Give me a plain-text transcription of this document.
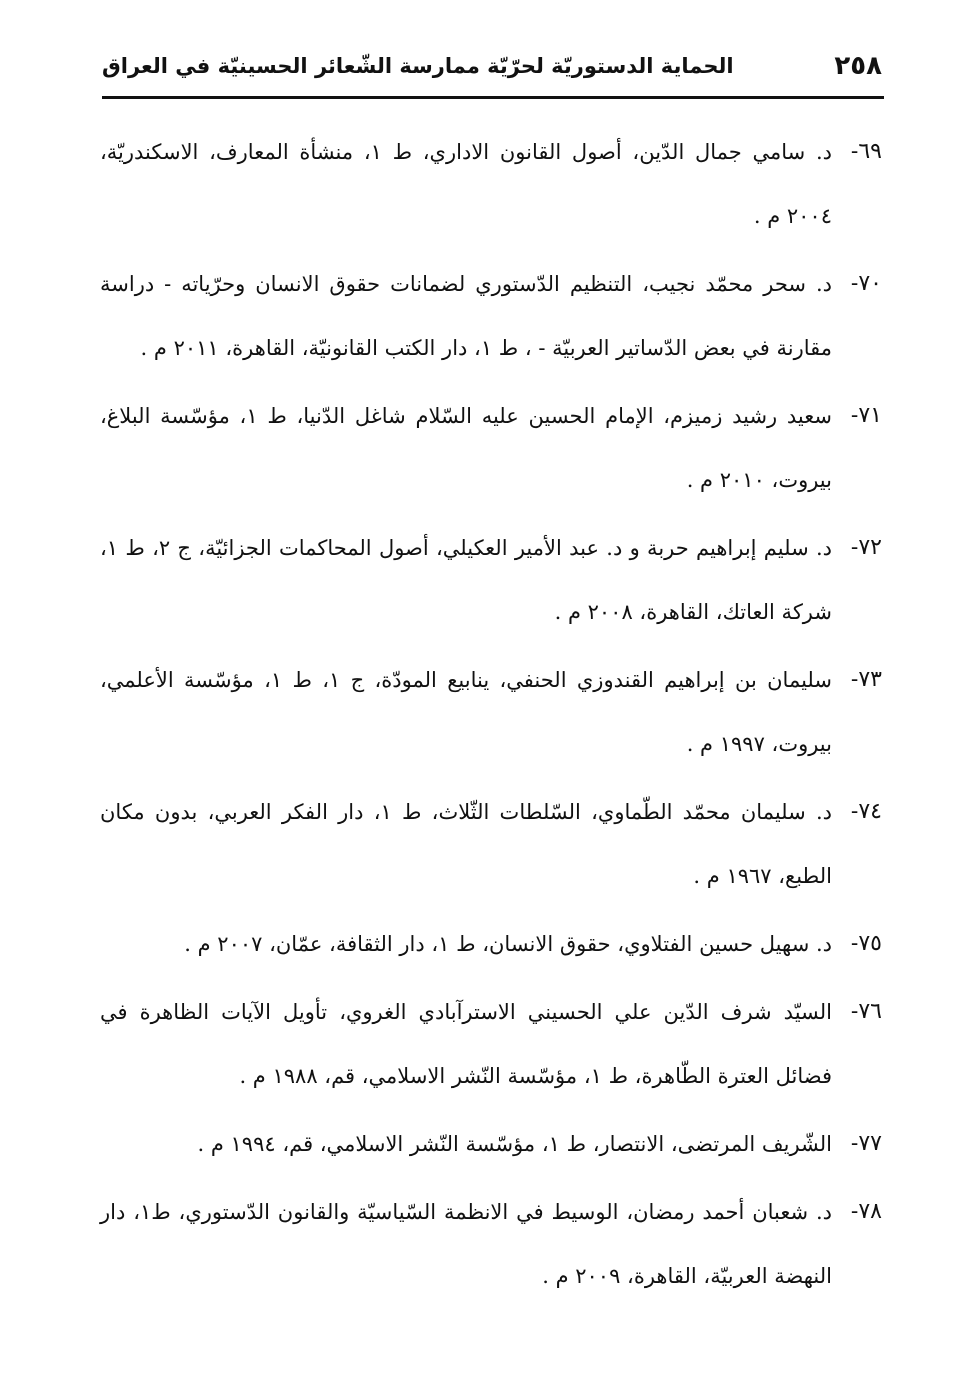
٢٥٨
الحماية الدستوريّة لحرّيّة ممارسة الشّعائر الحسينيّة في العراق
٦٩-
د. سامي جمال الدّين، أصول القانون الاداري، ط ١، منشأة المعارف، الاسكندريّة، ٢٠٠٤ م .
٧٠-
د. سحر محمّد نجيب، التنظيم الدّستوري لضمانات حقوق الانسان وحرّياته - دراسة مقارنة في بعض الدّساتير العربيّة - ، ط ١، دار الكتب القانونيّة، القاهرة، ٢٠١١ م .
٧١-
سعيد رشيد زميزم، الإمام الحسين عليه السّلام شاغل الدّنيا، ط ١، مؤسّسة البلاغ، بيروت، ٢٠١٠ م .
٧٢-
د. سليم إبراهيم حربة و د. عبد الأمير العكيلي، أصول المحاكمات الجزائيّة، ج ٢، ط ١، شركة العاتك، القاهرة، ٢٠٠٨ م .
٧٣-
سليمان بن إبراهيم القندوزي الحنفي، ينابيع المودّة، ج ١، ط ١، مؤسّسة الأعلمي، بيروت، ١٩٩٧ م .
٧٤-
د. سليمان محمّد الطّماوي، السّلطات الثّلاث، ط ١، دار الفكر العربي، بدون مكان الطبع، ١٩٦٧ م .
٧٥-
د. سهيل حسين الفتلاوي، حقوق الانسان، ط ١، دار الثقافة، عمّان، ٢٠٠٧ م .
٧٦-
السيّد شرف الدّين علي الحسيني الاسترآبادي الغروي، تأويل الآيات الظاهرة في فضائل العترة الطّاهرة، ط ١، مؤسّسة النّشر الاسلامي، قم، ١٩٨٨ م .
٧٧-
الشّريف المرتضى، الانتصار، ط ١، مؤسّسة النّشر الاسلامي، قم، ١٩٩٤ م .
٧٨-
د. شعبان أحمد رمضان، الوسيط في الانظمة السّياسيّة والقانون الدّستوري، ط١، دار النهضة العربيّة، القاهرة، ٢٠٠٩ م .
